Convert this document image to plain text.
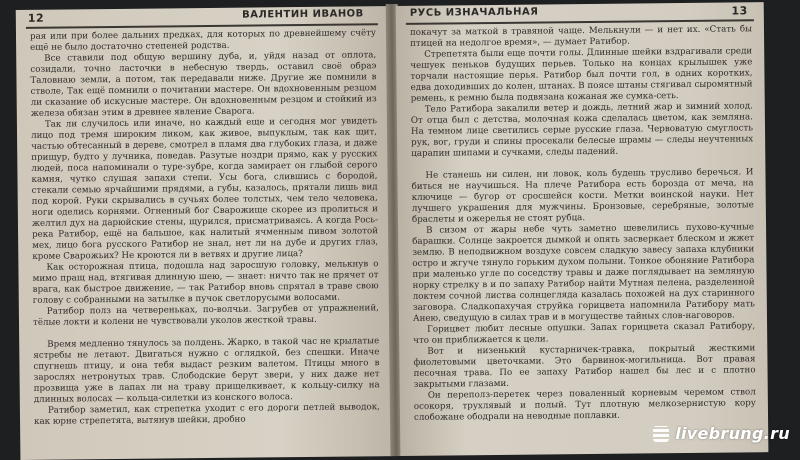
12	ВАЛЕНТИН ИВАНОВ

рая или при более дальних предках, для которых по древнейшему счёту ещё не было достаточно степеней родства.

Все ставили под общую вершину дуба, и, уйдя назад от оплота, созидали, точно ласточки в небесную твердь, оставил своё обраэ Таловнаю земли, а потом, так передавали ниже. Другие же помнили в стволе, Так ещё помнили о почитании мастере. Он вдохновенным резцом ли сказание об искусные мастере. Он вдохновенным резцом и стойкий из железа обязан этим в древнее явление Сварога.

Так ли случилось или иначе, но каждый еще и сегодня мог увидеть лицо под тремя широким ликом, как живое, выпуклым, так как щит, частью обтесанный в дереве, смотрел в пламя два глубоких глаза, и даже прищур, будто у лучника, поведав. Разутые ноздри прямо, как у русских людей, поса напоминали о туре-зубре, когда замирает он глыбой серого камня, чутко слушая запахи степи. Усы бога, слившись с бородой, стекали семью ярчайшими прядями, а губы, казалось, прятали лишь вид под корой. Руки скрывались в сучьях более толстых, чем тело человека, ноги оделись корнями. Огненный бог Сварожище скорее из пролиться и желтил дух на дарюйские стены, щурился, присматриваясь. А когда Рось-река Ратибор, ещё на бальшое, как налитый ячменным пивом золотой мех, лицо бога русского Ратибор не знал, нет ли на дубе и других глаз, кроме Сварожьих? Не кроются ли в ветвях и другие лица?

Как осторожная птица, подошла над заросшую головку, мелькнув о мимо пращ над, втягивая длинную шею, — знает: ничто так не прячет от врага, как быстрое движение, — так Ратибор вновь спрятал в траве свою голову с собранными на затылке в пучок светлорусыми волосами.

Ратибор полз на четвереньках, по-волчьи. Загрубев от упражнений, тёлые локти и колени не чувствовали уколов жесткой травы.

Время медленно тянулось за полдень. Жарко, в такой час не крылатые ястребы не летают. Двигаться нужно с оглядкой, без спешки. Иначе спугнешь птицу, и она тебя выдаст резким валетом. Птицы много в зарослях нетронутых трав. Слободские берут звери, у них даже нет прозвища уже в лапах ли на траву прищелкивает, к кольцу-силку на длинных волосах — кольца-силетки из конского волоса.

Ратибор заметил, как стрепетка уходит с его дороги петлей выводок, как юрне стрепетята, вытянув шейки, дробно

РУСЬ ИЗНАЧАЛЬНАЯ	13

покачут за маткой в травяной чаще. Мелькнули — и нет их. «Стать бы птицей на недолгое время», — думает Ратибор.

Стрепетята были еще почти голы. Длинные шейки вздрагивали среди чешуек пеньков будущих перьев. Только на концах крылышек уже торчали настоящие перья. Ратибор был почти гол, в одних коротких, едва доходивших до колен, штанах. В поясе штаны стягивал сыромятный ремень, к ремню была подвязана кожаная же сумка-сеть.

Тело Ратибора закалили ветер и дождь, летний жар и зимний холод. От отца был с детства, молочная кожа сделалась цветом, как земляна. На темном лице светились серые русские глаза. Червоватую смуглость рук, вог, груди и спины просекали белесые шрамы — следы неучтенных царапин шипами и сучками, следы падений.

Не станешь ни силен, ни ловок, коль будешь трусливо беречься. И биться не научишься. На плече Ратибора есть борозда от меча, на ключице — бугор от сросшейся кости. Метки воинской науки. Нет лучшего украшения для мужчины. Бронзовые, серебряные, золотые браслеты и ожерелья не стоят рубца.

В сизом от жары небе чуть заметно шевелились пухово-кучные барашки. Солнце закроется дымкой и опять засверкает блеском и жжет землю. В неподвижном воздухе совсем сладкую завесу запаха клубники остро и жгуче тянуло горьким духом полыни. Тонкое обоняние Ратибора при маленько угле по соседству травы и даже поглядывает на земляную норку стрелку в и по запаху Ратибор найти Мутная пелена, разделенной локтем сочной листва солнцегляда казалась похожей на дух старинного заговора. Сладкопахучая струйка горицвета напомнила Ратибору мать Анею, сведущую в силах трав и в могуществе тайных слов-наговоров.

Горицвет любит лесные опушки. Запах горицвета сказал Ратибору, что он приближается к цели.

Вот и низенький кустарничек-травка, покрытый жесткими фиолетовыми цветочками. Это барвинок-могильница. Вот правая песочная трава. По ее запаху Ратибор нашел бы лес и с плотно закрытыми глазами.

Он переполз-перетек через поваленный корневым черемом ствол осокоря, трухлявый и полый. Тут плотную мелкозернистую кору слобожане ободрали на неводные поплавки.

livebrung.ru
